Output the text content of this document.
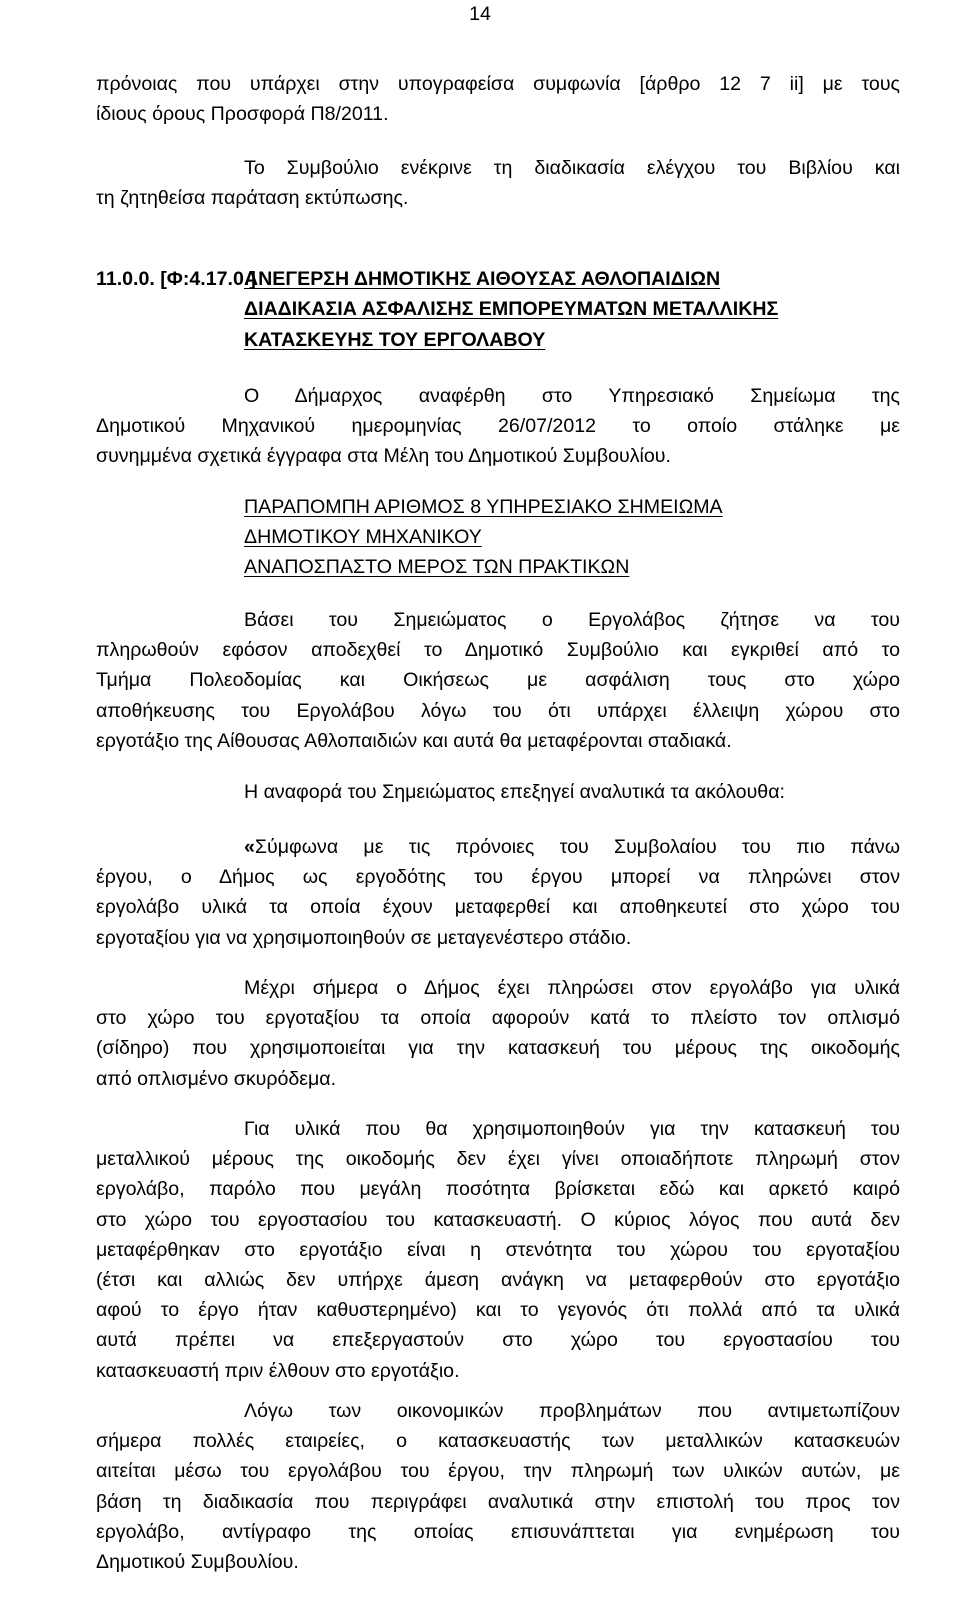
14
πρόνοιας που υπάρχει στην υπογραφείσα συμφωνία [άρθρο 12 7 ii] με τους
ίδιους όρους Προσφορά Π8/2011.
Το Συμβούλιο ενέκρινε τη διαδικασία ελέγχου του Βιβλίου και
τη ζητηθείσα παράταση εκτύπωσης.
11.0.0. [Φ:4.17.0.]
ΑΝΕΓΕΡΣΗ ΔΗΜΟΤΙΚΗΣ ΑΙΘΟΥΣΑΣ ΑΘΛΟΠΑΙΔΙΩΝ
ΔΙΑΔΙΚΑΣΙΑ ΑΣΦΑΛΙΣΗΣ ΕΜΠΟΡΕΥΜΑΤΩΝ ΜΕΤΑΛΛΙΚΗΣ
ΚΑΤΑΣΚΕΥΗΣ ΤΟΥ ΕΡΓΟΛΑΒΟΥ
Ο Δήμαρχος αναφέρθη στο Υπηρεσιακό Σημείωμα της
Δημοτικού Μηχανικού ημερομηνίας 26/07/2012 το οποίο στάληκε με
συνημμένα σχετικά έγγραφα στα Μέλη του Δημοτικού Συμβουλίου.
ΠΑΡΑΠΟΜΠΗ ΑΡΙΘΜΟΣ 8 ΥΠΗΡΕΣΙΑΚΟ ΣΗΜΕΙΩΜΑ
ΔΗΜΟΤΙΚΟΥ ΜΗΧΑΝΙΚΟΥ
ΑΝΑΠΟΣΠΑΣΤΟ ΜΕΡΟΣ ΤΩΝ ΠΡΑΚΤΙΚΩΝ
Βάσει του Σημειώματος ο Εργολάβος ζήτησε να του
πληρωθούν εφόσον αποδεχθεί το Δημοτικό Συμβούλιο και εγκριθεί από το
Τμήμα Πολεοδομίας και Οικήσεως με ασφάλιση τους στο χώρο
αποθήκευσης του Εργολάβου λόγω του ότι υπάρχει έλλειψη χώρου στο
εργοτάξιο της Αίθουσας Αθλοπαιδιών και αυτά θα μεταφέρονται σταδιακά.
Η αναφορά του Σημειώματος επεξηγεί αναλυτικά τα ακόλουθα:
«Σύμφωνα με τις πρόνοιες του Συμβολαίου του πιο πάνω
έργου, ο Δήμος ως εργοδότης του έργου μπορεί να πληρώνει στον
εργολάβο υλικά τα οποία έχουν μεταφερθεί και αποθηκευτεί στο χώρο του
εργοταξίου για να χρησιμοποιηθούν σε μεταγενέστερο στάδιο.
Μέχρι σήμερα ο Δήμος έχει πληρώσει στον εργολάβο για υλικά
στο χώρο του εργοταξίου τα οποία αφορούν κατά το πλείστο τον οπλισμό
(σίδηρο) που χρησιμοποιείται για την κατασκευή του μέρους της οικοδομής
από οπλισμένο σκυρόδεμα.
Για υλικά που θα χρησιμοποιηθούν για την κατασκευή του
μεταλλικού μέρους της οικοδομής δεν έχει γίνει οποιαδήποτε πληρωμή στον
εργολάβο, παρόλο που μεγάλη ποσότητα βρίσκεται εδώ και αρκετό καιρό
στο χώρο του εργοστασίου του κατασκευαστή. Ο κύριος λόγος που αυτά δεν
μεταφέρθηκαν στο εργοτάξιο είναι η στενότητα του χώρου του εργοταξίου
(έτσι και αλλιώς δεν υπήρχε άμεση ανάγκη να μεταφερθούν στο εργοτάξιο
αφού το έργο ήταν καθυστερημένο) και το γεγονός ότι πολλά από τα υλικά
αυτά πρέπει να επεξεργαστούν στο χώρο του εργοστασίου του
κατασκευαστή πριν έλθουν στο εργοτάξιο.
Λόγω των οικονομικών προβλημάτων που αντιμετωπίζουν
σήμερα πολλές εταιρείες, ο κατασκευαστής των μεταλλικών κατασκευών
αιτείται μέσω του εργολάβου του έργου, την πληρωμή των υλικών αυτών, με
βάση τη διαδικασία που περιγράφει αναλυτικά στην επιστολή του προς τον
εργολάβο, αντίγραφο της οποίας επισυνάπτεται για ενημέρωση του
Δημοτικού Συμβουλίου.
